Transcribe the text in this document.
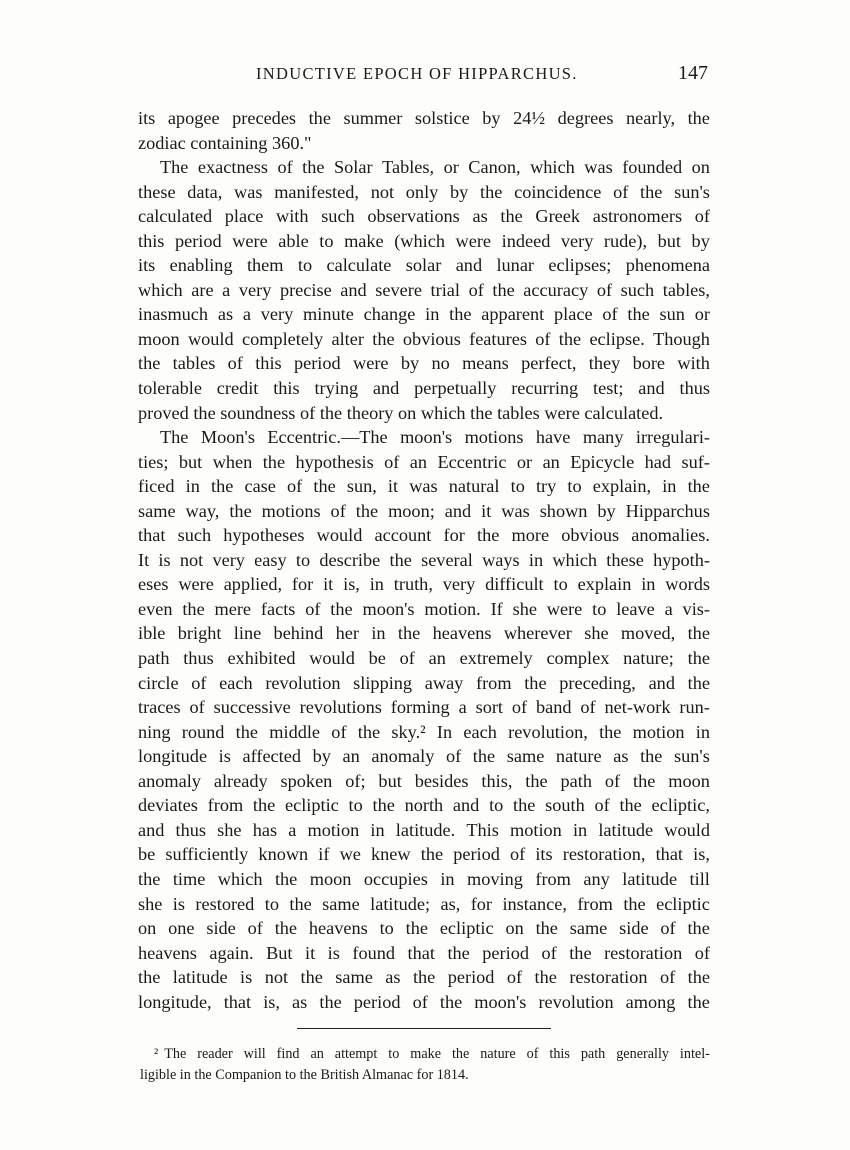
INDUCTIVE EPOCH OF HIPPARCHUS.	147
its apogee precedes the summer solstice by 24½ degrees nearly, the
zodiac
containing
360."

The exactness of the Solar Tables, or Canon, which was founded on
these data, was manifested, not only by the coincidence of the sun's
calculated place with such observations as the Greek astronomers of
this period were able to make (which were indeed very rude), but by
its enabling them to calculate solar and lunar eclipses; phenomena
which are a very precise and severe trial of the accuracy of such tables,
inasmuch as a very minute change in the apparent place of the sun or
moon would completely alter the obvious features of the eclipse. Though
the tables of this period were by no means perfect, they bore with
tolerable credit this trying and perpetually recurring test; and thus
proved
the
soundness
of
the
theory
on
which
the
tables
were
calculated.

The Moon's Eccentric.—The moon's motions have many irregulari-
ties; but when the hypothesis of an Eccentric or an Epicycle had suf-
ficed in the case of the sun, it was natural to try to explain, in the
same way, the motions of the moon; and it was shown by Hipparchus
that such hypotheses would account for the more obvious anomalies.
It is not very easy to describe the several ways in which these hypoth-
eses were applied, for it is, in truth, very difficult to explain in words
even the mere facts of the moon's motion. If she were to leave a vis-
ible bright line behind her in the heavens wherever she moved, the
path thus exhibited would be of an extremely complex nature; the
circle of each revolution slipping away from the preceding, and the
traces of successive revolutions forming a sort of band of net-work run-
ning round the middle of the sky.² In each revolution, the motion in
longitude is affected by an anomaly of the same nature as the sun's
anomaly already spoken of; but besides this, the path of the moon
deviates from the ecliptic to the north and to the south of the ecliptic,
and thus she has a motion in latitude. This motion in latitude would
be sufficiently known if we knew the period of its restoration, that is,
the time which the moon occupies in moving from any latitude till
she is restored to the same latitude; as, for instance, from the ecliptic
on one side of the heavens to the ecliptic on the same side of the
heavens again. But it is found that the period of the restoration of
the latitude is not the same as the period of the restoration of the
longitude, that is, as the period of the moon's revolution among the
² The reader will find an attempt to make the nature of this path generally intel-
ligible in the Companion to the British Almanac for 1814.
